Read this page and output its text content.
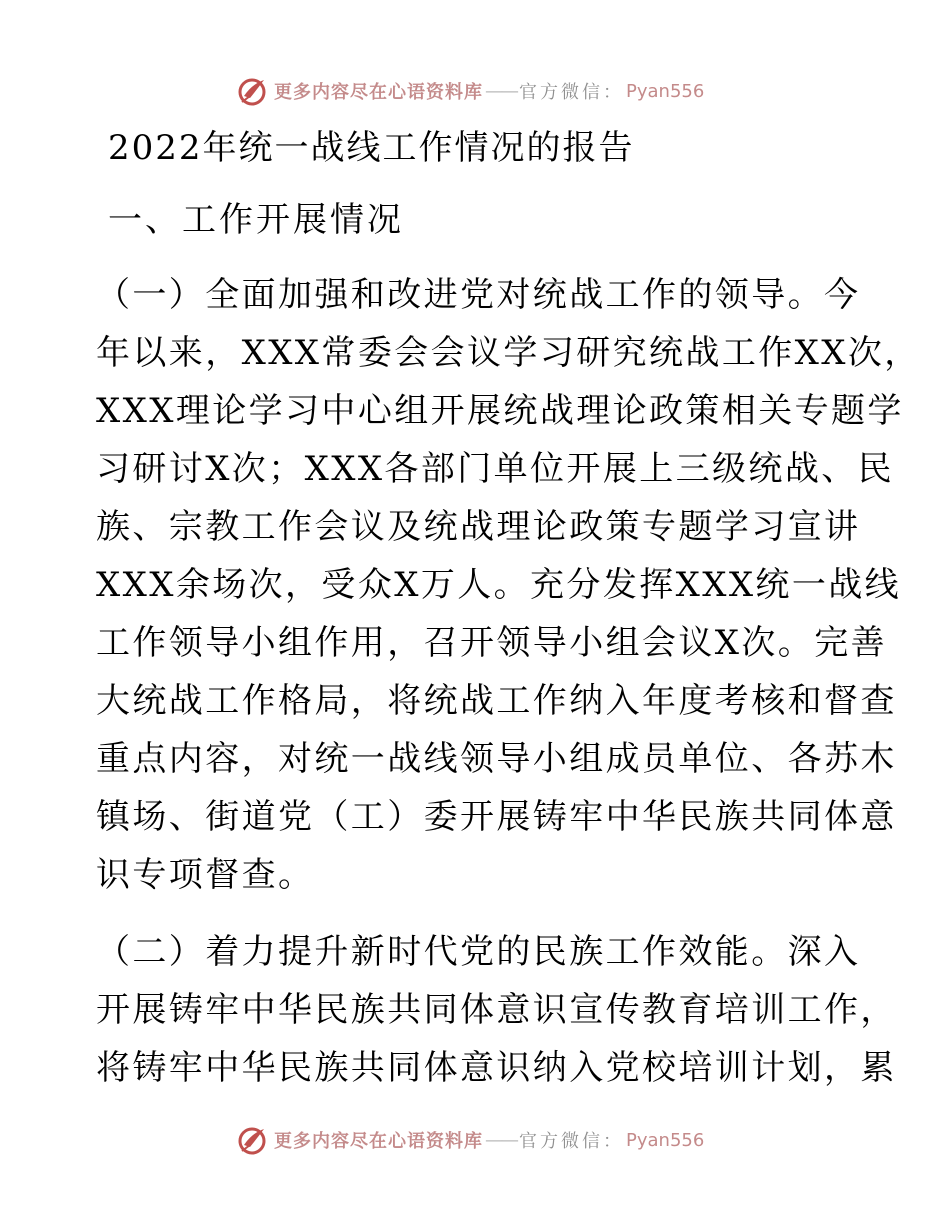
更多内容尽在心语资料库 —— 官方微信： Pyan556
2022年统一战线工作情况的报告
一、工作开展情况

（一）全面加强和改进党对统战工作的领导。今
年以来，XXX常委会会议学习研究统战工作XX次，
XXX理论学习中心组开展统战理论政策相关专题学
习研讨X次；XXX各部门单位开展上三级统战、民
族、宗教工作会议及统战理论政策专题学习宣讲
XXX余场次，受众X万人。充分发挥XXX统一战线
工作领导小组作用，召开领导小组会议X次。完善
大统战工作格局，将统战工作纳入年度考核和督查
重点内容，对统一战线领导小组成员单位、各苏木
镇场、街道党（工）委开展铸牢中华民族共同体意
识专项督查。

（二）着力提升新时代党的民族工作效能。深入
开展铸牢中华民族共同体意识宣传教育培训工作，
将铸牢中华民族共同体意识纳入党校培训计划，累

更多内容尽在心语资料库 —— 官方微信： Pyan556
